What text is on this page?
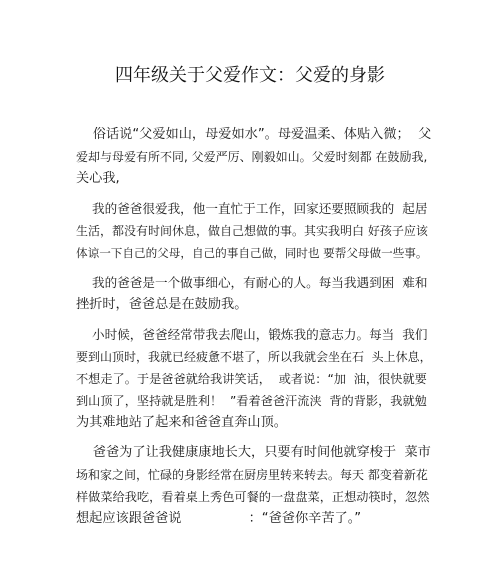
四年级关于父爱作文：父爱的身影
俗话说“父爱如山，母爱如水”。母爱温柔、体贴入微；  父
爱却与母爱有所不同, 父爱严厉、刚毅如山。父爱时刻都 在鼓励我,
关心我,
我的爸爸很爱我，他一直忙于工作，回家还要照顾我的  起居
生活，都没有时间休息，做自己想做的事。其实我明白 好孩子应该
体谅一下自己的父母，自己的事自己做，同时也 要帮父母做一些事。
我的爸爸是一个做事细心，有耐心的人。每当我遇到困  难和
挫折时，爸爸总是在鼓励我。
小时候，爸爸经常带我去爬山，锻炼我的意志力。每当  我们
要到山顶时，我就已经疲惫不堪了，所以我就会坐在石  头上休息，
不想走了。于是爸爸就给我讲笑话，  或者说：“加  油，很快就要
到山顶了，坚持就是胜利！  ”看着爸爸汗流浃  背的背影，我就勉
为其难地站了起来和爸爸直奔山顶。
爸爸为了让我健康康地长大，只要有时间他就穿梭于  菜市
场和家之间，忙碌的身影经常在厨房里转来转去。每天 都变着新花
样做菜给我吃，看着桌上秀色可餐的一盘盘菜，正想动筷时，忽然
想起应该跟爸爸说                ：“爸爸你辛苦了。”
